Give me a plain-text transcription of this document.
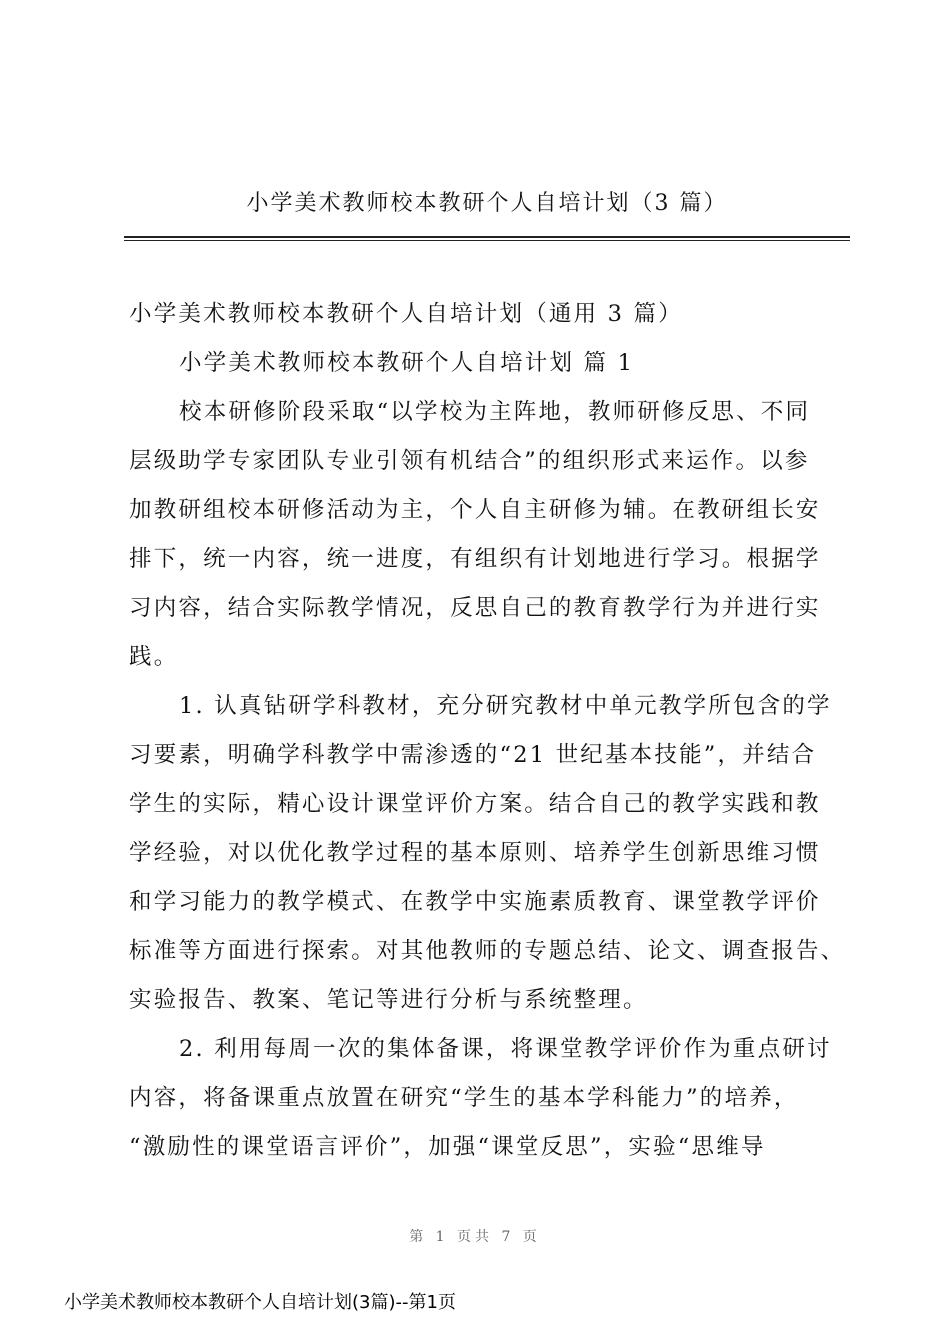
小学美术教师校本教研个人自培计划（3 篇）
小学美术教师校本教研个人自培计划（通用 3 篇）
小学美术教师校本教研个人自培计划 篇 1
校本研修阶段采取“以学校为主阵地，教师研修反思、不同
层级助学专家团队专业引领有机结合”的组织形式来运作。以参
加教研组校本研修活动为主，个人自主研修为辅。在教研组长安
排下，统一内容，统一进度，有组织有计划地进行学习。根据学
习内容，结合实际教学情况，反思自己的教育教学行为并进行实
践。
1. 认真钻研学科教材，充分研究教材中单元教学所包含的学
习要素，明确学科教学中需渗透的“21 世纪基本技能”，并结合
学生的实际，精心设计课堂评价方案。结合自己的教学实践和教
学经验，对以优化教学过程的基本原则、培养学生创新思维习惯
和学习能力的教学模式、在教学中实施素质教育、课堂教学评价
标准等方面进行探索。对其他教师的专题总结、论文、调查报告、
实验报告、教案、笔记等进行分析与系统整理。
2. 利用每周一次的集体备课，将课堂教学评价作为重点研讨
内容，将备课重点放置在研究“学生的基本学科能力”的培养，
“激励性的课堂语言评价”，加强“课堂反思”，实验“思维导
第 1 页共 7 页
小学美术教师校本教研个人自培计划(3篇)--第1页
